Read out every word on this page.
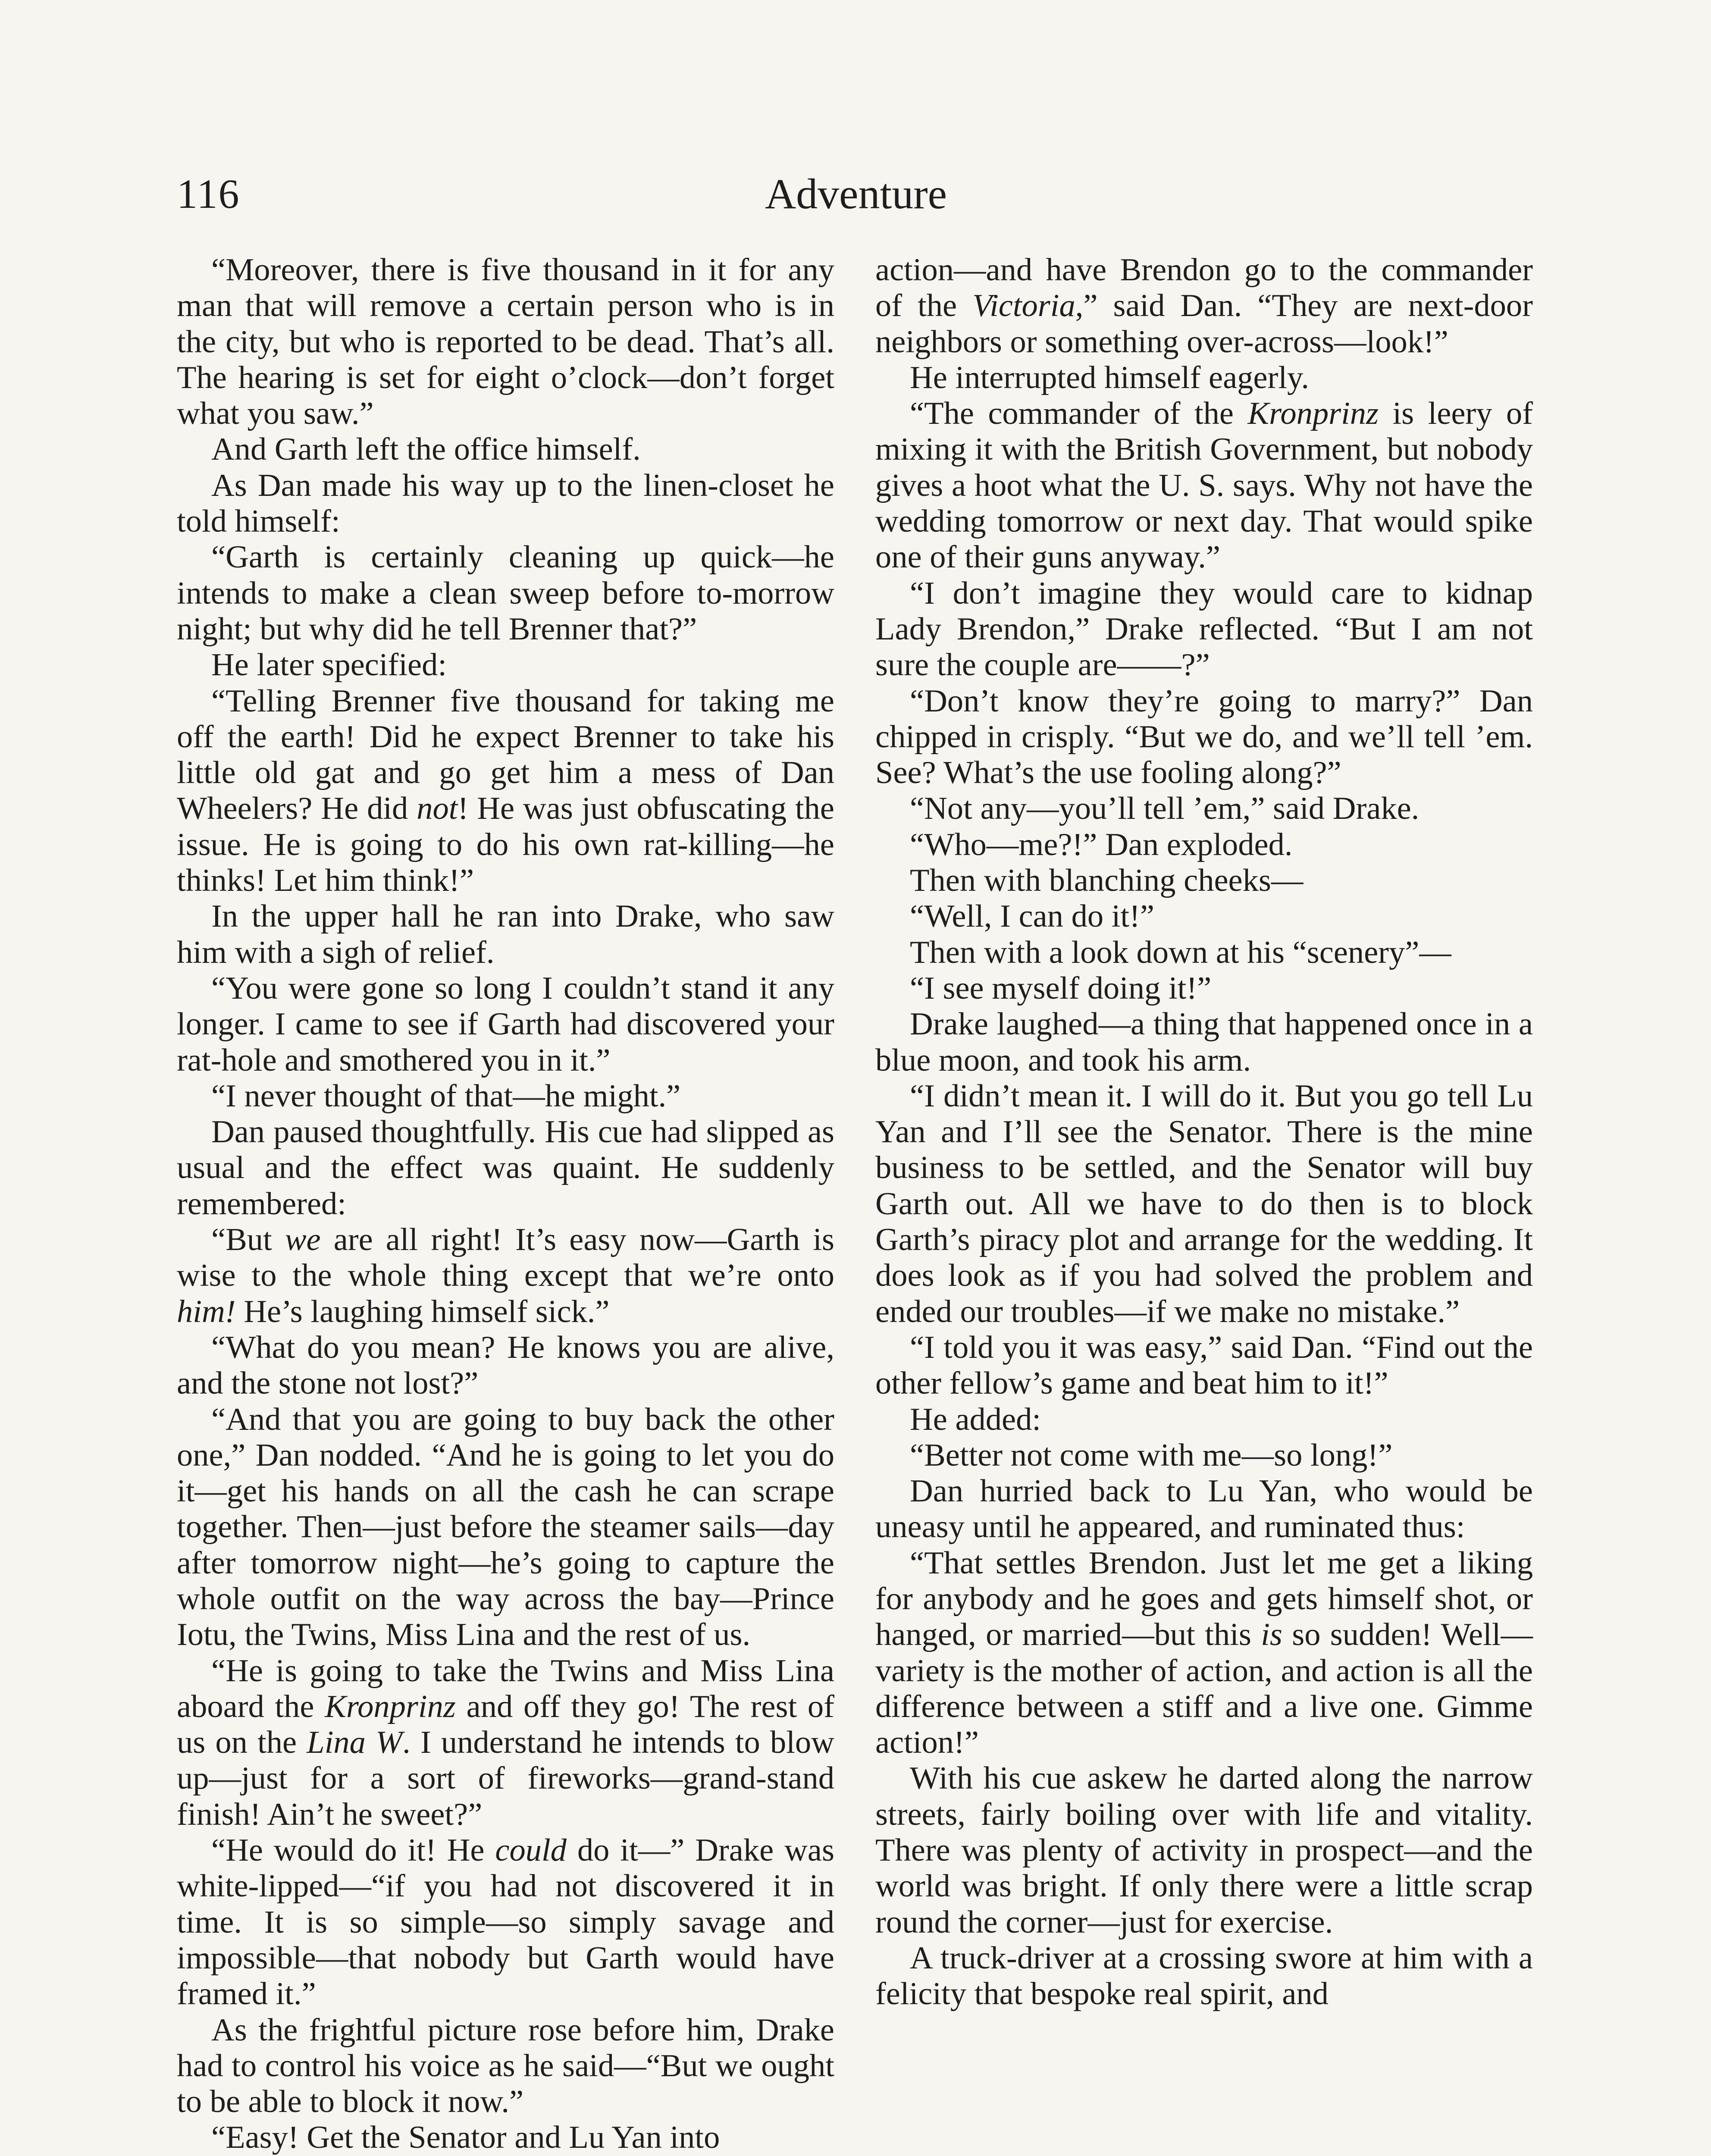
116	Adventure

“Moreover, there is five thousand in it for any man that will remove a certain person who is in the city, but who is reported to be dead. That’s all. The hearing is set for eight o’clock—don’t forget what you saw.”

And Garth left the office himself.

As Dan made his way up to the linen-closet he told himself:

“Garth is certainly cleaning up quick—he intends to make a clean sweep before to-morrow night; but why did he tell Brenner that?”

He later specified:

“Telling Brenner five thousand for taking me off the earth! Did he expect Brenner to take his little old gat and go get him a mess of Dan Wheelers? He did not! He was just obfuscating the issue. He is going to do his own rat-killing—he thinks! Let him think!”

In the upper hall he ran into Drake, who saw him with a sigh of relief.

“You were gone so long I couldn’t stand it any longer. I came to see if Garth had discovered your rat-hole and smothered you in it.”

“I never thought of that—he might.”

Dan paused thoughtfully. His cue had slipped as usual and the effect was quaint. He suddenly remembered:

“But we are all right! It’s easy now—Garth is wise to the whole thing except that we’re onto him! He’s laughing himself sick.”

“What do you mean? He knows you are alive, and the stone not lost?”

“And that you are going to buy back the other one,” Dan nodded. “And he is going to let you do it—get his hands on all the cash he can scrape together. Then—just before the steamer sails—day after tomorrow night—he’s going to capture the whole outfit on the way across the bay—Prince Iotu, the Twins, Miss Lina and the rest of us.

“He is going to take the Twins and Miss Lina aboard the Kronprinz and off they go! The rest of us on the Lina W. I understand he intends to blow up—just for a sort of fireworks—grand-stand finish! Ain’t he sweet?”

“He would do it! He could do it—” Drake was white-lipped—“if you had not discovered it in time. It is so simple—so simply savage and impossible—that nobody but Garth would have framed it.”

As the frightful picture rose before him, Drake had to control his voice as he said—“But we ought to be able to block it now.”

“Easy! Get the Senator and Lu Yan into

action—and have Brendon go to the commander of the Victoria,” said Dan. “They are next-door neighbors or something over-across—look!”

He interrupted himself eagerly.

“The commander of the Kronprinz is leery of mixing it with the British Government, but nobody gives a hoot what the U. S. says. Why not have the wedding tomorrow or next day. That would spike one of their guns anyway.”

“I don’t imagine they would care to kidnap Lady Brendon,” Drake reflected. “But I am not sure the couple are——?”

“Don’t know they’re going to marry?” Dan chipped in crisply. “But we do, and we’ll tell ’em. See? What’s the use fooling along?”

“Not any—you’ll tell ’em,” said Drake.

“Who—me?!” Dan exploded.

Then with blanching cheeks—

“Well, I can do it!”

Then with a look down at his “scenery”—

“I see myself doing it!”

Drake laughed—a thing that happened once in a blue moon, and took his arm.

“I didn’t mean it. I will do it. But you go tell Lu Yan and I’ll see the Senator. There is the mine business to be settled, and the Senator will buy Garth out. All we have to do then is to block Garth’s piracy plot and arrange for the wedding. It does look as if you had solved the problem and ended our troubles—if we make no mistake.”

“I told you it was easy,” said Dan. “Find out the other fellow’s game and beat him to it!”

He added:

“Better not come with me—so long!”

Dan hurried back to Lu Yan, who would be uneasy until he appeared, and ruminated thus:

“That settles Brendon. Just let me get a liking for anybody and he goes and gets himself shot, or hanged, or married—but this is so sudden! Well—variety is the mother of action, and action is all the difference between a stiff and a live one. Gimme action!”

With his cue askew he darted along the narrow streets, fairly boiling over with life and vitality. There was plenty of activity in prospect—and the world was bright. If only there were a little scrap round the corner—just for exercise.

A truck-driver at a crossing swore at him with a felicity that bespoke real spirit, and
